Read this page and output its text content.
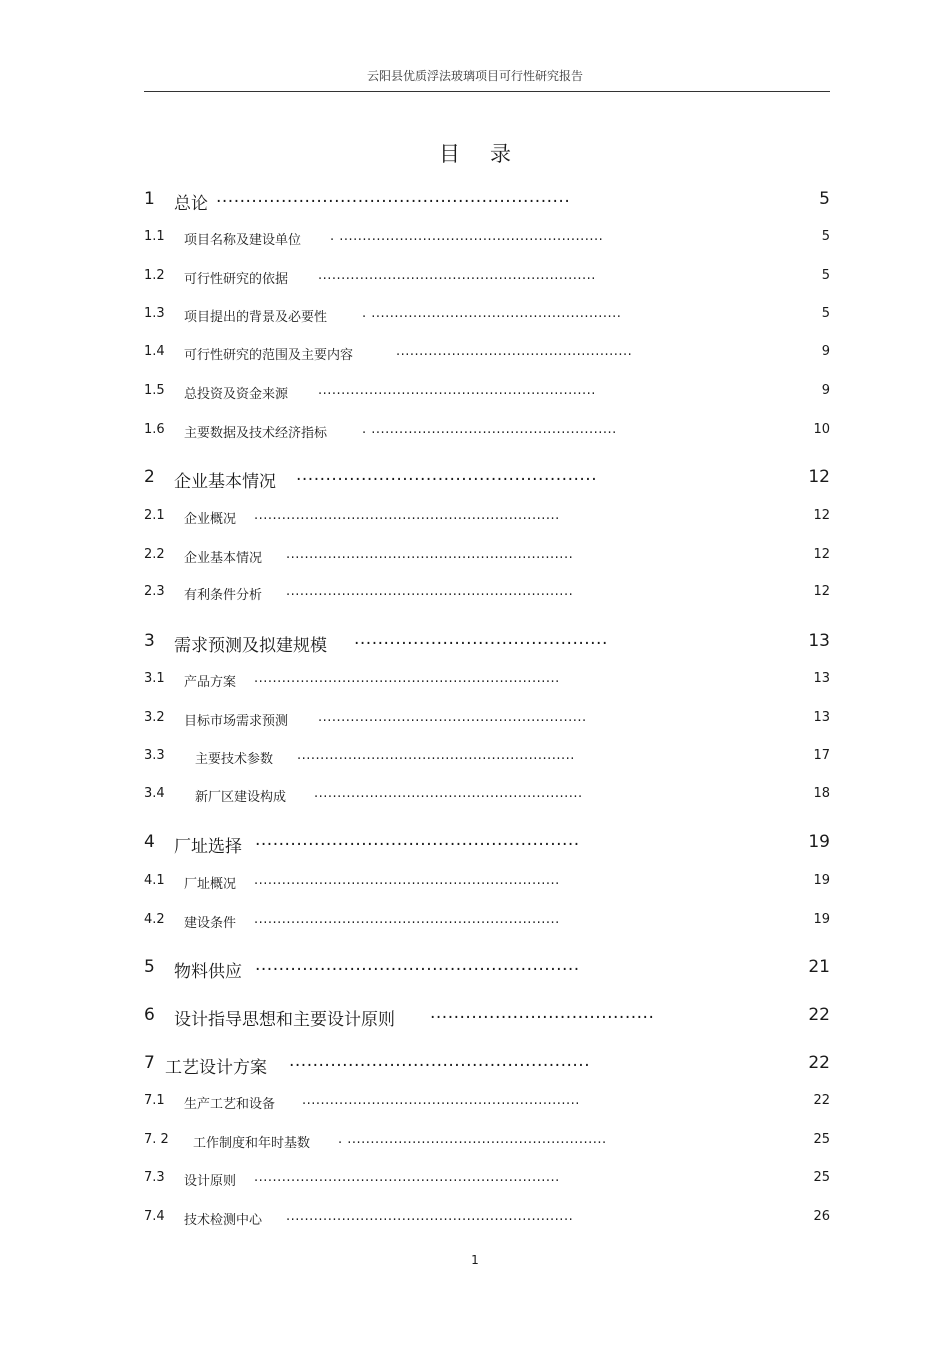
云阳县优质浮法玻璃项目可行性研究报告
目录
1 总论 ............................................................	5
1.1 项目名称及建设单位 . .........................................................	5
1.2 可行性研究的依据 ............................................................	5
1.3 项目提出的背景及必要性	. ......................................................	5
1.4 可行性研究的范围及主要内容	...................................................	9
1.5 总投资及资金来源 ............................................................	9
1.6 主要数据及技术经济指标	. .....................................................	10
2 企业基本情况 ...................................................	12
2.1 企业概况 ..................................................................	12
2.2 企业基本情况 ..............................................................	12
2.3 有利条件分析 ..............................................................	12
3 需求预测及拟建规模 ...........................................	13
3.1 产品方案 ..................................................................	13
3.2 目标市场需求预测 ..........................................................	13
3.3 主要技术参数 ............................................................	17
3.4 新厂区建设构成 ..........................................................	18
4 厂址选择 .......................................................	19
4.1 厂址概况 ..................................................................	19
4.2 建设条件 ..................................................................	19
5 物料供应 .......................................................	21
6 设计指导思想和主要设计原则 ......................................	22
7 工艺设计方案 ...................................................	22
7.1 生产工艺和设备 ............................................................	22
7. 2 工作制度和年时基数 . ........................................................	25
7.3 设计原则 ..................................................................	25
7.4 技术检测中心 ..............................................................	26
1
